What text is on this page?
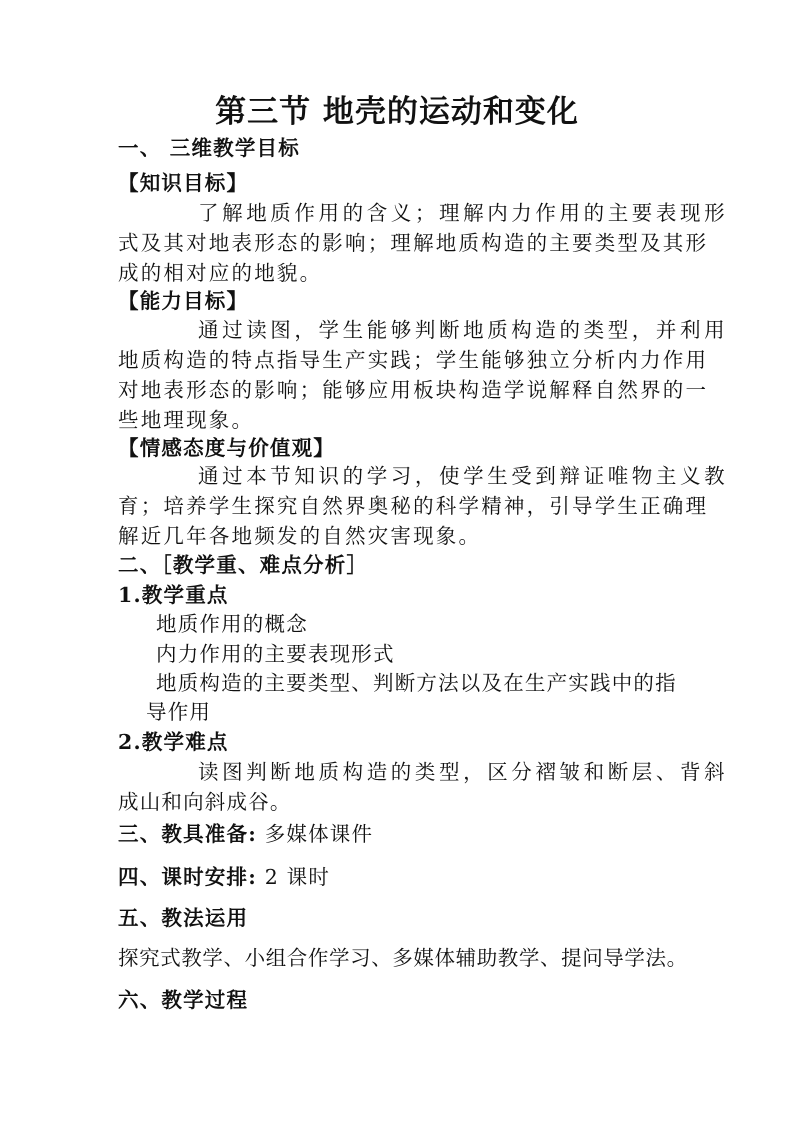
第三节 地壳的运动和变化
一、 三维教学目标
【知识目标】
了解地质作用的含义；理解内力作用的主要表现形
式及其对地表形态的影响；理解地质构造的主要类型及其形
成的相对应的地貌。
【能力目标】
通过读图，学生能够判断地质构造的类型，并利用
地质构造的特点指导生产实践；学生能够独立分析内力作用
对地表形态的影响；能够应用板块构造学说解释自然界的一
些地理现象。
【情感态度与价值观】
通过本节知识的学习，使学生受到辩证唯物主义教
育；培养学生探究自然界奥秘的科学精神，引导学生正确理
解近几年各地频发的自然灾害现象。
二、［教学重、难点分析］
1.教学重点
地质作用的概念
内力作用的主要表现形式
地质构造的主要类型、判断方法以及在生产实践中的指
导作用
2.教学难点
读图判断地质构造的类型，区分褶皱和断层、背斜
成山和向斜成谷。
三、教具准备: 多媒体课件
四、课时安排: 2 课时
五、教法运用
探究式教学、小组合作学习、多媒体辅助教学、提问导学法。
六、教学过程
